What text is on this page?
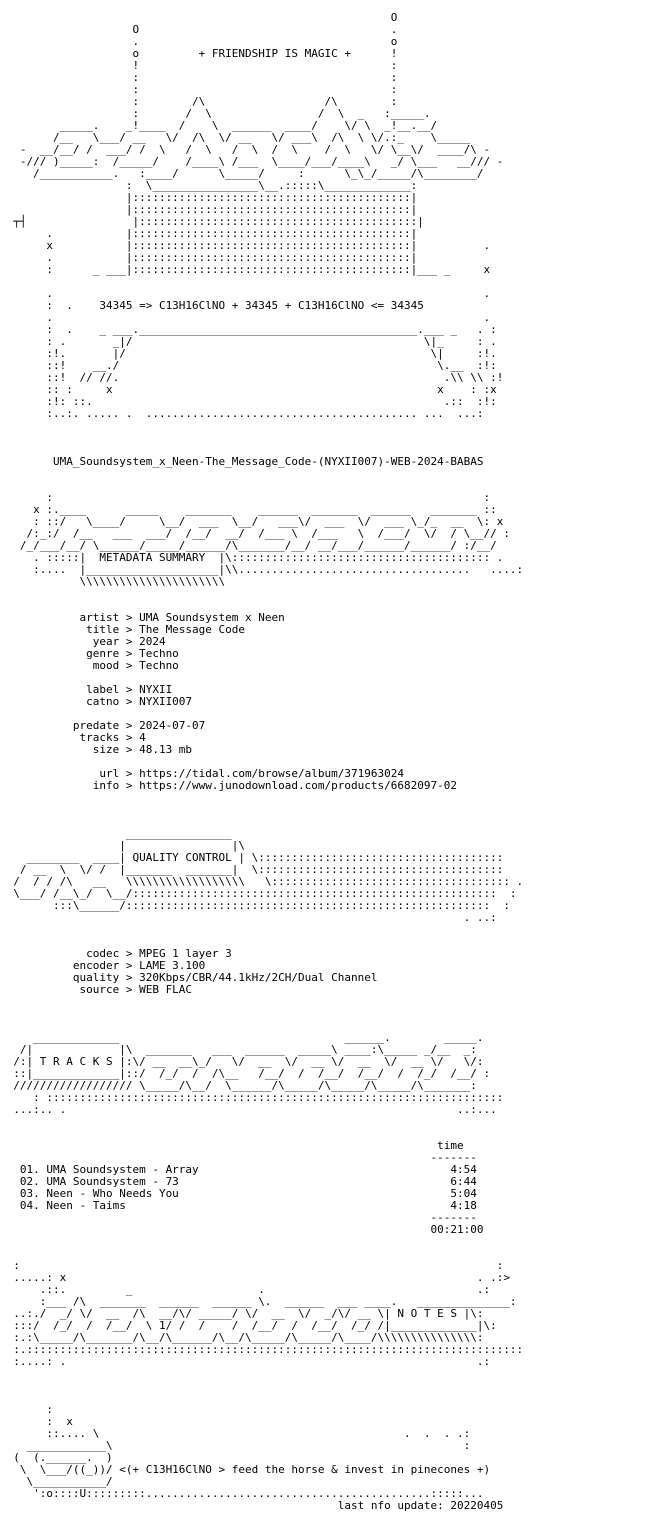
O
O                                      .
.                                      o
o         + FRIENDSHIP IS MAGIC +      !
!                                      :
:                                      :
:                                      :
:        /\                  /\        :
:       /  \                /  \  _   :_____.
_____.    _!____  /    \  ______  ____/    \/ \  _!__.__/
/__   \___/ __   \/  /\  \/ __   \/ ___\  /\  \ \/.:_    \_____
-  __/__/ /  ___/ /  \   /  \   /  \  /  \    /  \   \/ \__\/  ____/\ -
-/// )_____:  /_____/    /____\ /___  \____/___/____\   _/ \___   __/// -
/___________.   :____/      \_____/     :      \_\_/_____/\________/
:  \________________\__.:::::\_____________:
|::::::::::::::::::::::::::::::::::::::::::|
|::::::::::::::::::::::::::::::::::::::::::|
┬┤                |::::::::::::::::::::::::::::::::::::::::::|
.           |::::::::::::::::::::::::::::::::::::::::::|
x           |::::::::::::::::::::::::::::::::::::::::::|          .
.           |::::::::::::::::::::::::::::::::::::::::::|
:      _ ___|::::::::::::::::::::::::::::::::::::::::::|___ _     x

.                                                                 .
:  .    34345 => C13H16ClNO + 34345 + C13H16ClNO <= 34345
.                                                                 .
:  .    _ ___.__________________________________________.___ _   . :
: .       _|/                                            \|_     : .
:!.       |/                                              \|     :!.
::!    __./                                                \.__  :!:
::!  // //.                                                 .\\ \\ :!
:: :     x                                                 x    : :x
:!: ::.                                                     .::  :!:
:..:. ..... .  ......................................... ...  ...:

UMA_Soundsystem_x_Neen-The_Message_Code-(NYXII007)-WEB-2024-BABAS

:                                                                 :
x :.____      _____    _______    ______  _______  ______   _______ ::
: ::/   \____/     \__/  ___  \__/   ___\/  ___  \/  ___ \_/_  __  \: x
/:_:/  /__   ___  ___/  /__/  __/  /___ \  /___   \  /___/  \/  / \__// :
/_/___/__/ \______/_____/______/\_______/__/ __/___/______/______/ :/__/
. :::::|  METADATA SUMMARY  |\::::::::::::::::::::::::::::::::::::::: .
:....  |____________________|\\...................................   ....:
\\\\\\\\\\\\\\\\\\\\\\

artist > UMA Soundsystem x Neen
title > The Message Code
year > 2024
genre > Techno
mood > Techno

label > NYXII
catno > NYXII007

predate > 2024-07-07
tracks > 4
size > 48.13 mb

url > https://tidal.com/browse/album/371963024
info > https://www.junodownload.com/products/6682097-02

________________
|                |\
________  ____| QUALITY CONTROL | \:::::::::::::::::::::::::::::::::::::
/ __  \  \/ /  |_______  _______|  \:::::::::::::::::::::::::::::::::::::
/  / / /\   __   \\\\\\\\\\\\\\\\\\   \:::::::::::::::::::::::::::::::::::: .
\___/ /__\_/  \__/:::::::::::::::::::::::::::::::::::::::::::::::::::::::  :
:::\______/:::::::::::::::::::::::::::::::::::::::::::::::::::::::  :
. ..:

codec > MPEG 1 layer 3
encoder > LAME 3.100
quality > 320Kbps/CBR/44.1kHz/2CH/Dual Channel
source > WEB FLAC

_____________                                  ______.        _____.
/|             |\  _______   ___  ______  _____\ ____:\_____ _/__  _:
/:| T R A C K S |:\/ __  __\_/   \/  __  \/  __ \/  __  \/  __ \/   \/:
::|_____________|::/  /_/  /  /\__   /__/  /  /__/  /__/  /  /_/  /__/ :
////////////////// \_____/\__/  \______/\_____/\_____/\_____/\_______:
: :::::::::::::::::::::::::::::::::::::::::::::::::::::::::::::::::::::
...:.. .                                                           ..:...

time
-------
01. UMA Soundsystem - Array                                      4:54
02. UMA Soundsystem - 73                                         6:44
03. Neen - Who Needs You                                         5:04
04. Neen - Taims                                                 4:18
-------
00:21:00

:                                                                        :
.....: x                                                              . .:>
.::.         _                   .                                .:
:___ /\  _______  ______  ______ \.  ______  ___ ____.   ______________:
..:./  _/ \/  __  /\  __/\/ _____/ \/  __  \/  _/\/ __ \| N O T E S |\:
:::/  /_/  /  /__/  \ 1/ /  /    /  /__/  /  /__/  /_/ /|_____________|\:
:.:\_____/\_______/\__/\______/\__/\_____/\_____/\____/\\\\\\\\\\\\\\\:
:.:::::::::::::::::::::::::::::::::::::::::::::::::::::::::::::::::::::::::::
:....: .                                                              .:

:
:  x
::.... \                                              .  .  . .:
____________\                                                     :
(  (.______.  )
\  \___/((_))/ <(+ C13H16ClNO > feed the horse & invest in pinecones +)
\___________/
':o::::U:::::::::...........................................:::::...
last nfo update: 20220405
